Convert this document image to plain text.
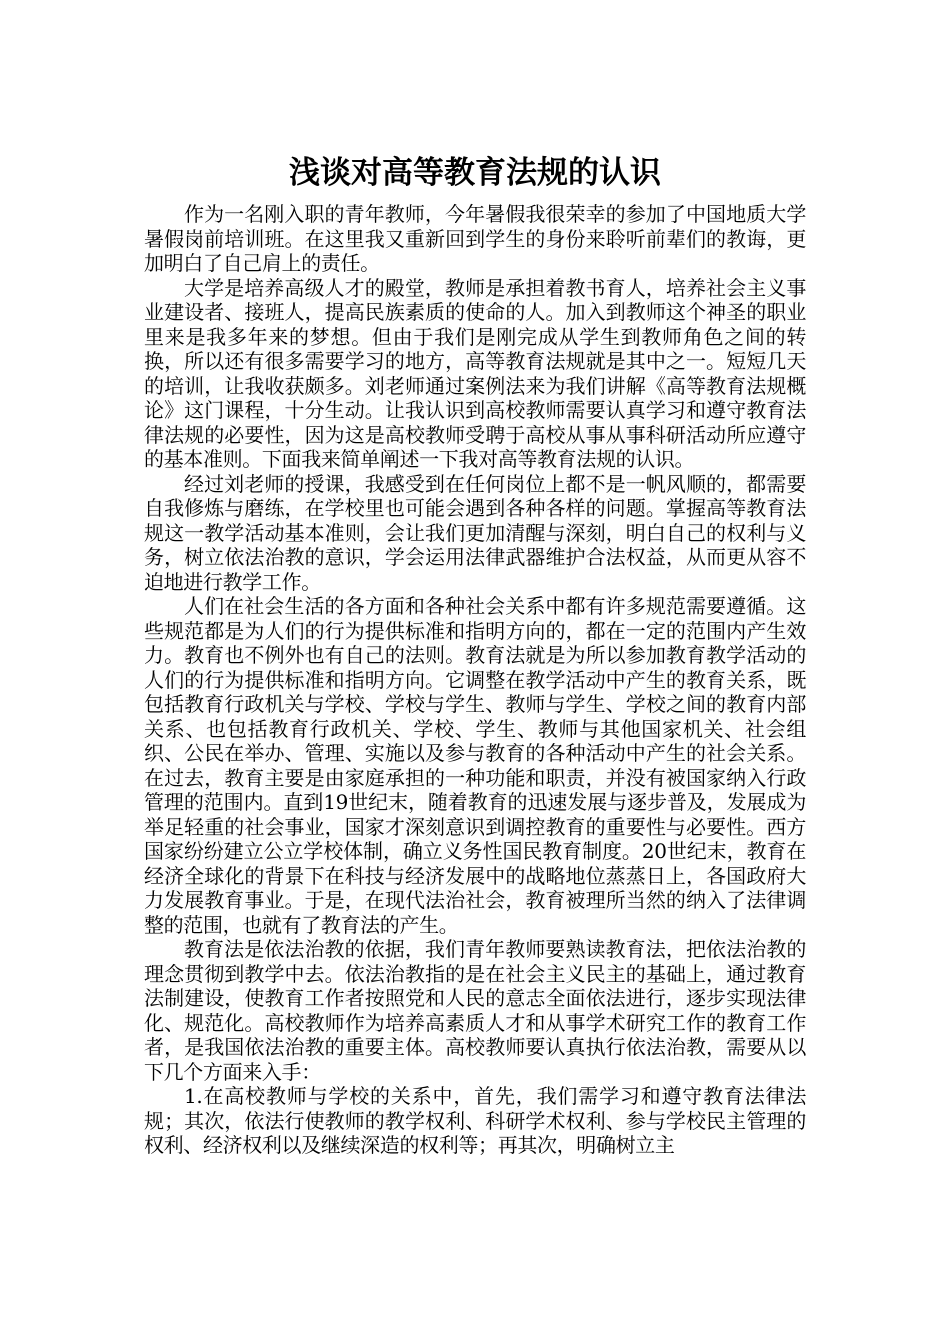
浅谈对高等教育法规的认识

作为一名刚入职的青年教师，今年暑假我很荣幸的参加了中国地质大学暑假岗前培训班。在这里我又重新回到学生的身份来聆听前辈们的教诲，更加明白了自己肩上的责任。

大学是培养高级人才的殿堂，教师是承担着教书育人，培养社会主义事业建设者、接班人，提高民族素质的使命的人。加入到教师这个神圣的职业里来是我多年来的梦想。但由于我们是刚完成从学生到教师角色之间的转换，所以还有很多需要学习的地方，高等教育法规就是其中之一。短短几天的培训，让我收获颇多。刘老师通过案例法来为我们讲解《高等教育法规概论》这门课程，十分生动。让我认识到高校教师需要认真学习和遵守教育法律法规的必要性，因为这是高校教师受聘于高校从事从事科研活动所应遵守的基本准则。下面我来简单阐述一下我对高等教育法规的认识。

经过刘老师的授课，我感受到在任何岗位上都不是一帆风顺的，都需要自我修炼与磨练，在学校里也可能会遇到各种各样的问题。掌握高等教育法规这一教学活动基本准则，会让我们更加清醒与深刻，明白自己的权利与义务，树立依法治教的意识，学会运用法律武器维护合法权益，从而更从容不迫地进行教学工作。

人们在社会生活的各方面和各种社会关系中都有许多规范需要遵循。这些规范都是为人们的行为提供标准和指明方向的，都在一定的范围内产生效力。教育也不例外也有自己的法则。教育法就是为所以参加教育教学活动的人们的行为提供标准和指明方向。它调整在教学活动中产生的教育关系，既包括教育行政机关与学校、学校与学生、教师与学生、学校之间的教育内部关系、也包括教育行政机关、学校、学生、教师与其他国家机关、社会组织、公民在举办、管理、实施以及参与教育的各种活动中产生的社会关系。在过去，教育主要是由家庭承担的一种功能和职责，并没有被国家纳入行政管理的范围内。直到19世纪末，随着教育的迅速发展与逐步普及，发展成为举足轻重的社会事业，国家才深刻意识到调控教育的重要性与必要性。西方国家纷纷建立公立学校体制，确立义务性国民教育制度。20世纪末，教育在经济全球化的背景下在科技与经济发展中的战略地位蒸蒸日上，各国政府大力发展教育事业。于是，在现代法治社会，教育被理所当然的纳入了法律调整的范围，也就有了教育法的产生。

教育法是依法治教的依据，我们青年教师要熟读教育法，把依法治教的理念贯彻到教学中去。依法治教指的是在社会主义民主的基础上，通过教育法制建设，使教育工作者按照党和人民的意志全面依法进行，逐步实现法律化、规范化。高校教师作为培养高素质人才和从事学术研究工作的教育工作者，是我国依法治教的重要主体。高校教师要认真执行依法治教，需要从以下几个方面来入手：

1.在高校教师与学校的关系中，首先，我们需学习和遵守教育法律法规；其次，依法行使教师的教学权利、科研学术权利、参与学校民主管理的权利、经济权利以及继续深造的权利等；再其次，明确树立主
